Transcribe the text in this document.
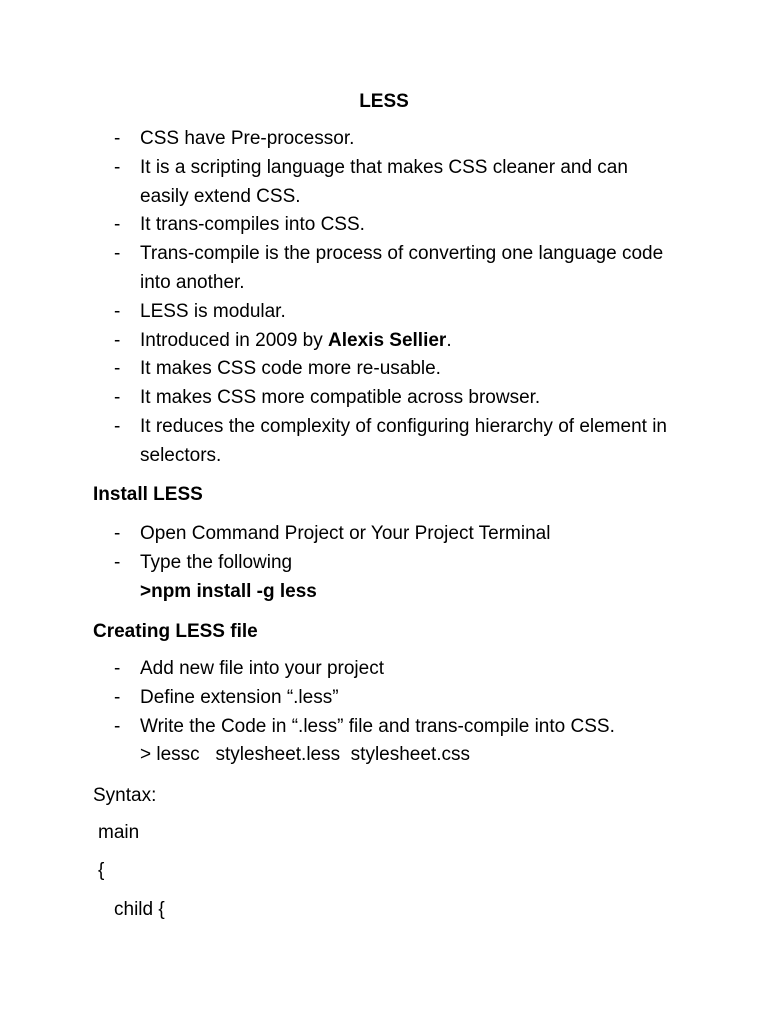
LESS
- CSS have Pre-processor.
- It is a scripting language that makes CSS cleaner and can easily extend CSS.
- It trans-compiles into CSS.
- Trans-compile is the process of converting one language code into another.
- LESS is modular.
- Introduced in 2009 by Alexis Sellier.
- It makes CSS code more re-usable.
- It makes CSS more compatible across browser.
- It reduces the complexity of configuring hierarchy of element in selectors.
Install LESS
- Open Command Project or Your Project Terminal
- Type the following
>npm install -g less
Creating LESS file
- Add new file into your project
- Define extension “.less”
- Write the Code in “.less” file and trans-compile into CSS.
> lessc   stylesheet.less  stylesheet.css
Syntax:
main
{
child {
